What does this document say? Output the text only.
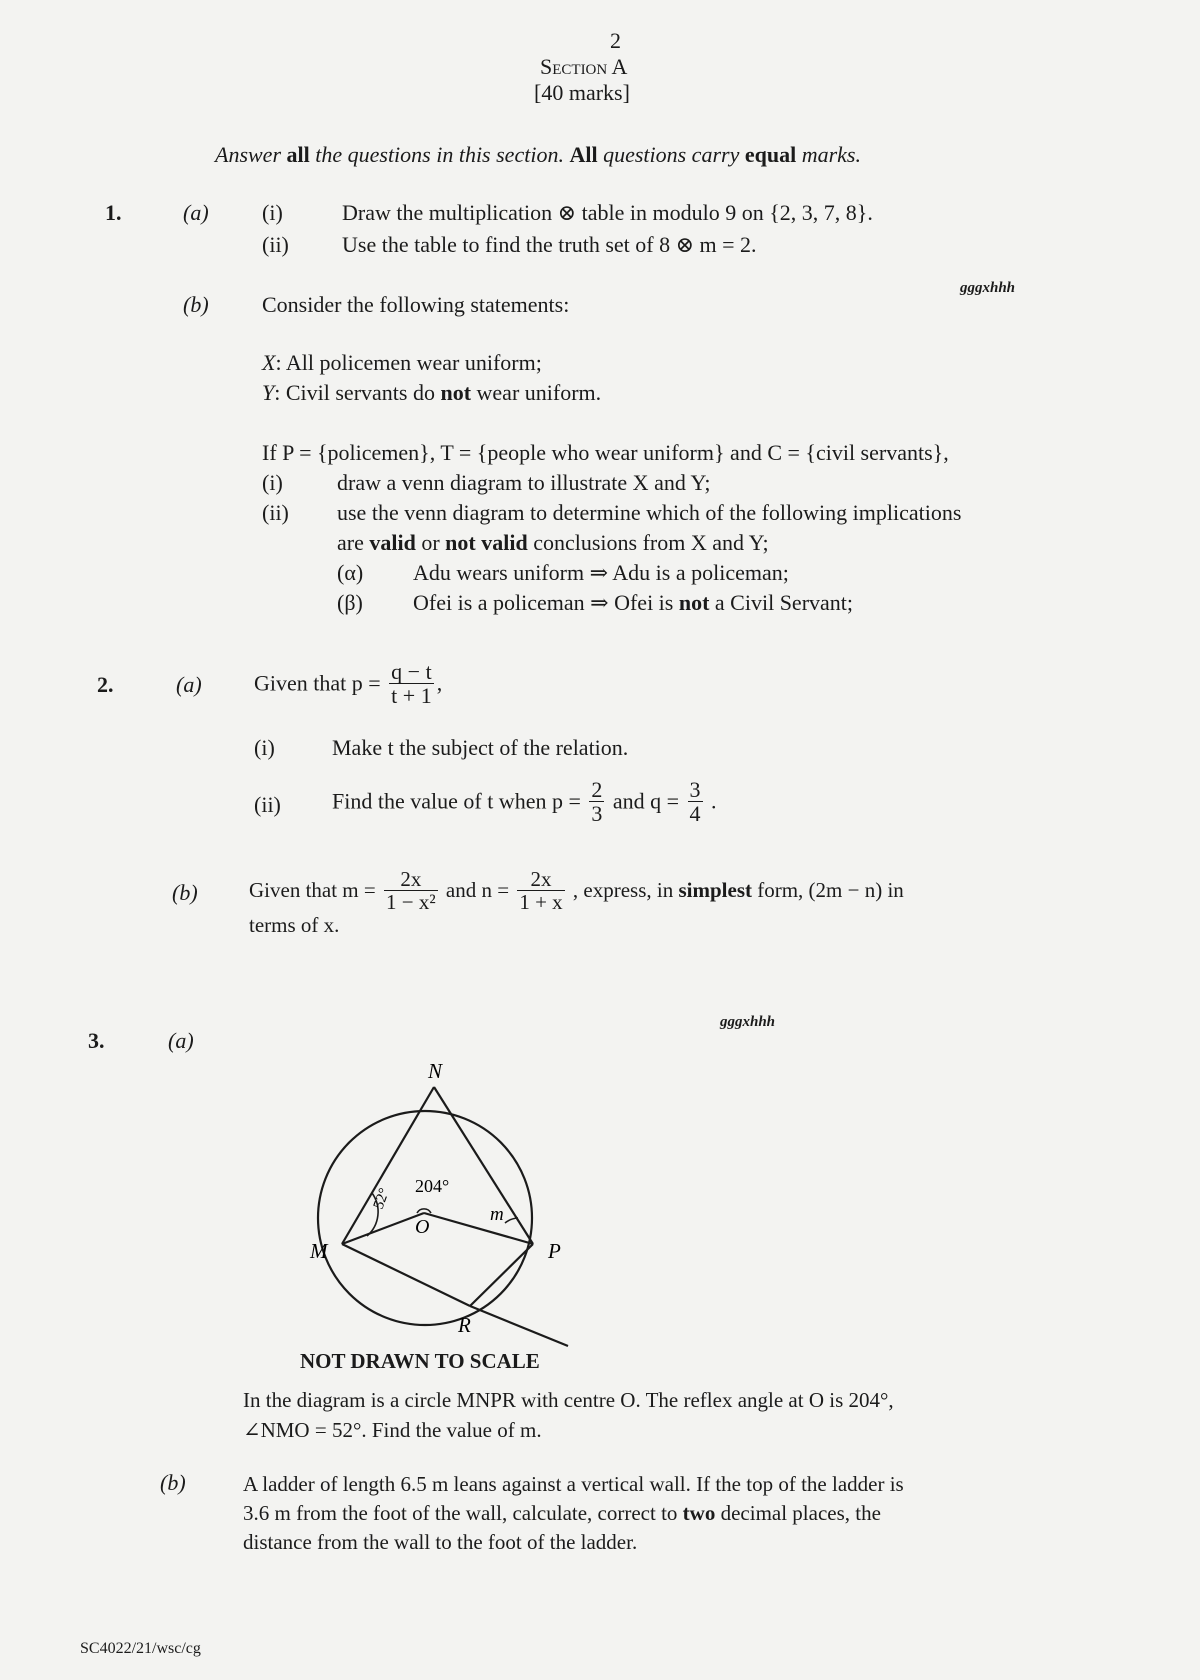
2
Section A
[40 marks]
Answer all the questions in this section. All questions carry equal marks.
1.	(a) (i)	Draw the multiplication ⊗ table in modulo 9 on {2, 3, 7, 8}.
(ii) Use the table to find the truth set of 8 ⊗ m = 2.
gggxhhh
(b) Consider the following statements:
X: All policemen wear uniform;
Y: Civil servants do not wear uniform.
If P = {policemen}, T = {people who wear uniform} and C = {civil servants},
(i) draw a venn diagram to illustrate X and Y;
(ii) use the venn diagram to determine which of the following implications
are valid or not valid conclusions from X and Y;
(α) Adu wears uniform ⇒ Adu is a policeman;
(β) Ofei is a policeman ⇒ Ofei is not a Civil Servant;
2.	(a) Given that $p = \frac{q - t}{t + 1}$ ,
(i)	Make t the subject of the relation.
(ii) Find the value of t when $p = \frac{2}{3}$ and $q = \frac{3}{4}$ .
(b) Given that $m = \frac{2x}{\text{1 − x²}}$ and $n = \frac{2x}{1 + x}$ , express, in simplest form, (2m − n) in
terms of x.
gggxhhh
3.	(a)
N
M	P
R
O
204°
52°
m
NOT DRAWN TO SCALE
In the diagram is a circle MNPR with centre O. The reflex angle at O is 204°,
∠NMO = 52°. Find the value of m.
(b)	A ladder of length 6.5 m leans against a vertical wall. If the top of the ladder is
3.6 m from the foot of the wall, calculate, correct to two decimal places, the
distance from the wall to the foot of the ladder.
SC4022/21/wsc/cg
